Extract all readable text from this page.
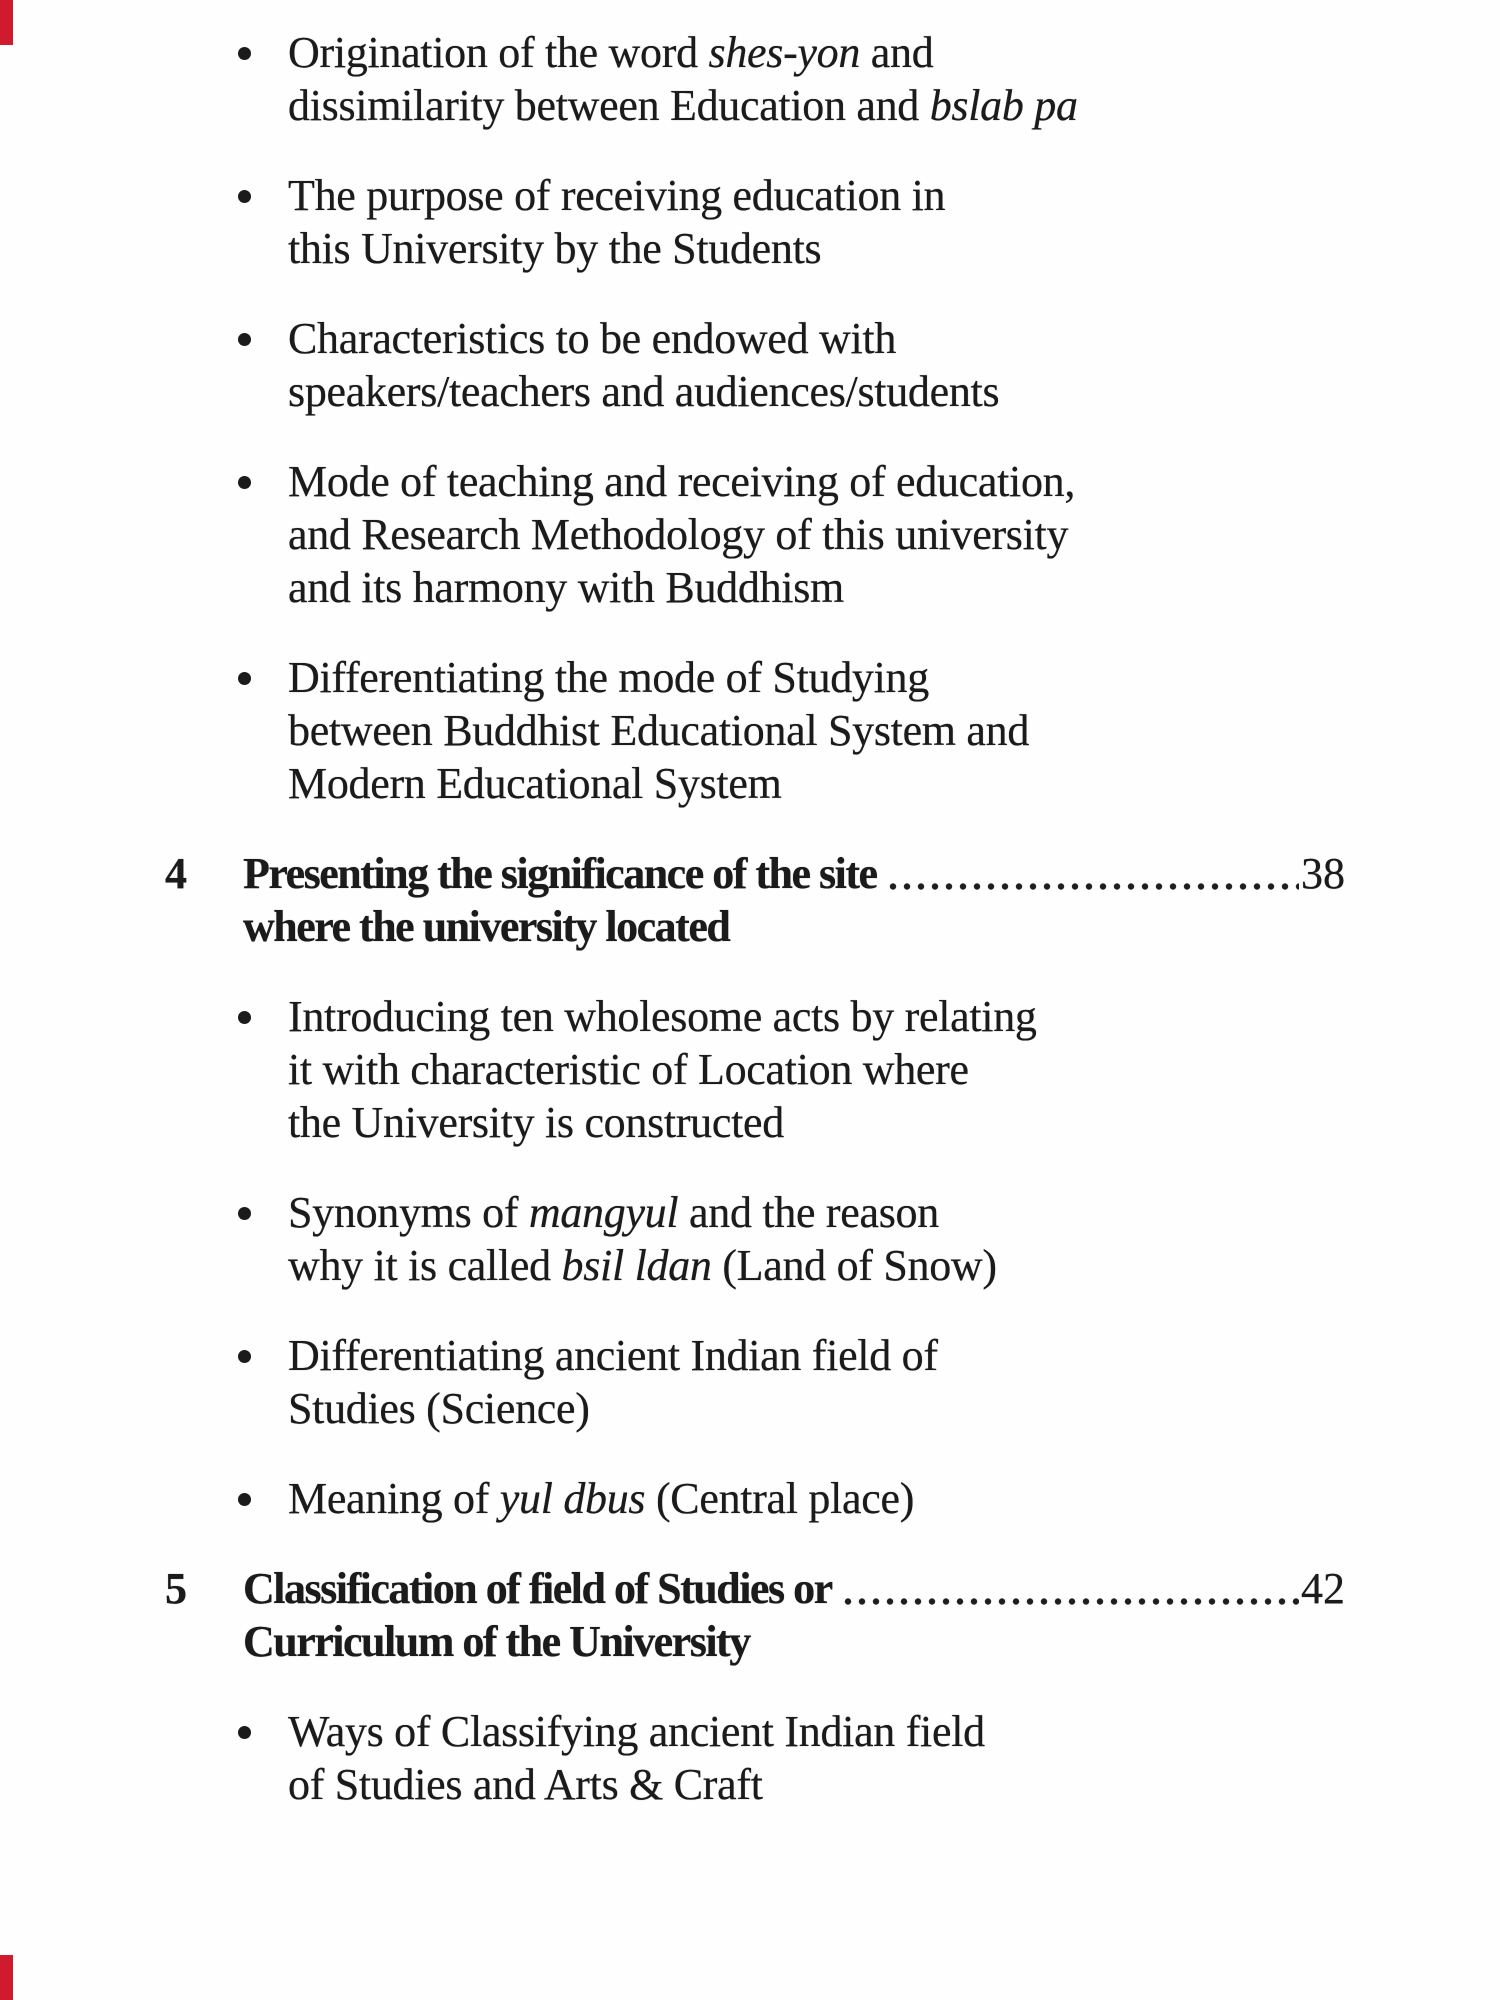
Origination of the word shes-yon and
dissimilarity between Education and bslab pa
The purpose of receiving education in
this University by the Students
Characteristics to be endowed with
speakers/teachers and audiences/students
Mode of teaching and receiving of education,
and Research Methodology of this university
and its harmony with Buddhism
Differentiating the mode of Studying
between Buddhist Educational System and
Modern Educational System
4 Presenting the significance of the site	38
where the university located
Introducing ten wholesome acts by relating
it with characteristic of Location where
the University is constructed
Synonyms of mangyul and the reason
why it is called bsil ldan (Land of Snow)
Differentiating ancient Indian field of
Studies (Science)
Meaning of yul dbus (Central place)
5 Classification of field of Studies or	42
Curriculum of the University
Ways of Classifying ancient Indian field
of Studies and Arts & Craft
